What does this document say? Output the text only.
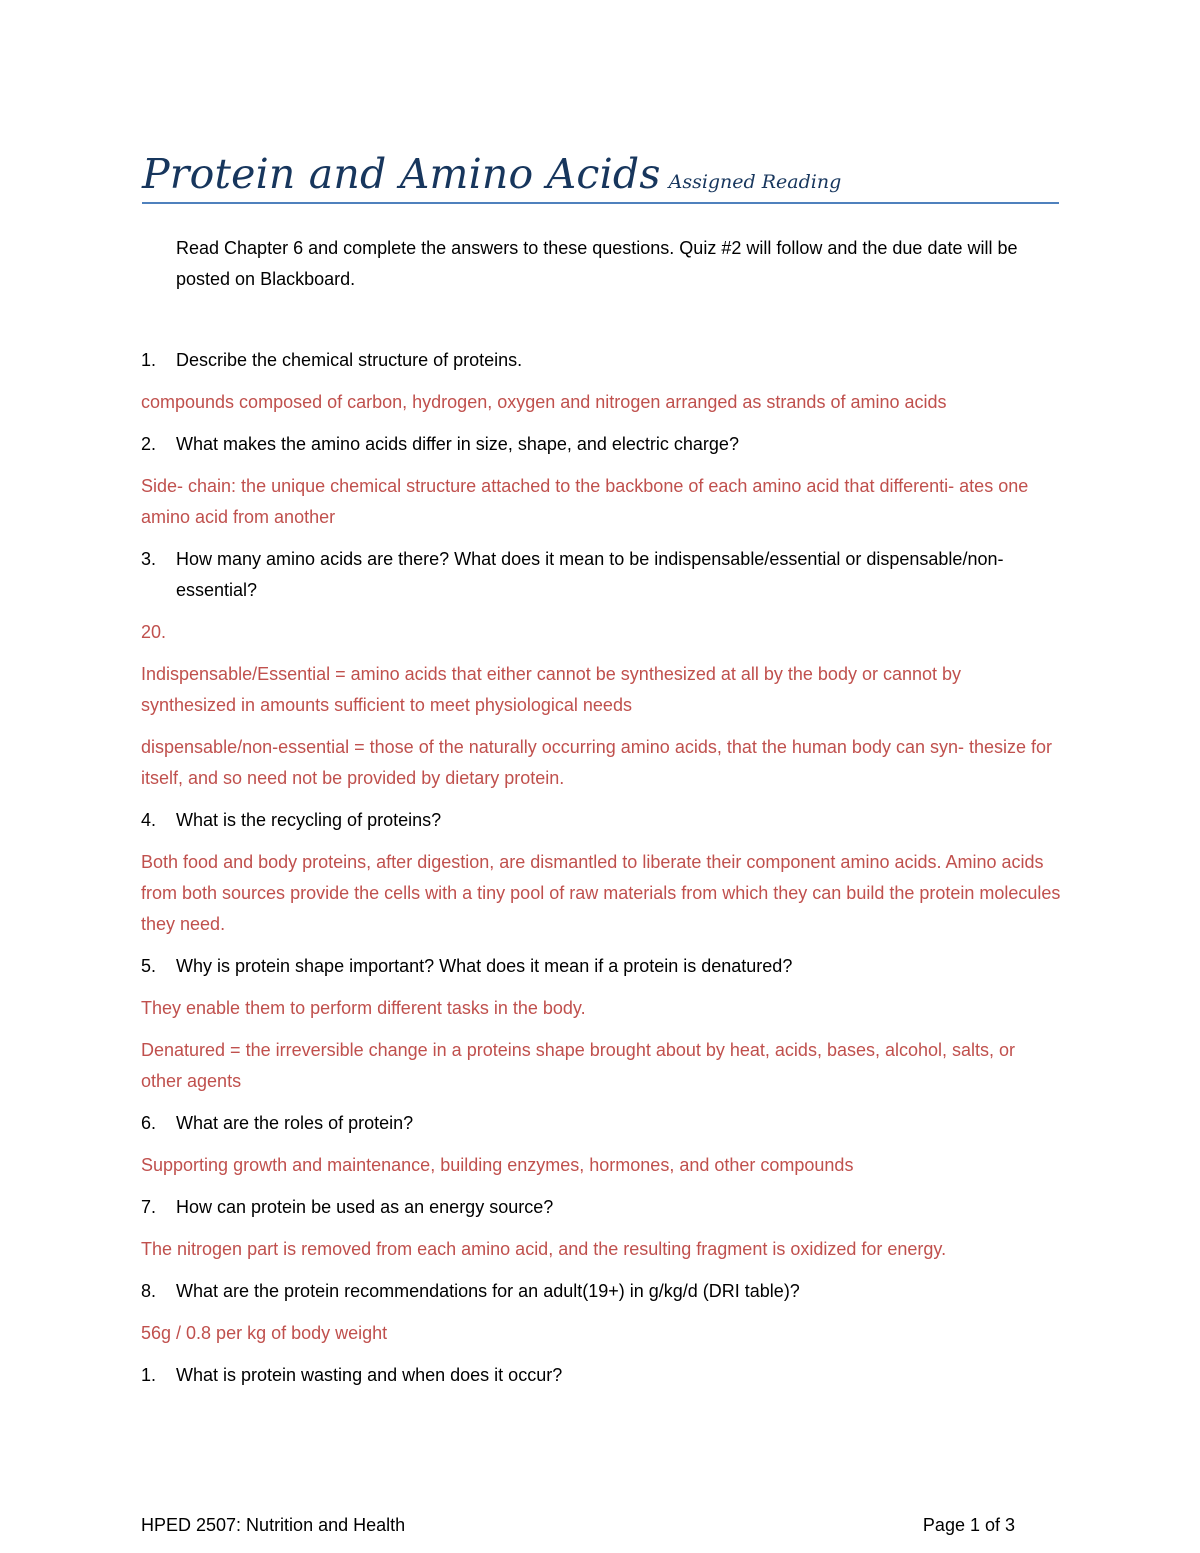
Protein and Amino Acids Assigned Reading
Read Chapter 6 and complete the answers to these questions. Quiz #2 will follow and the due date will be posted on Blackboard.
1.	Describe the chemical structure of proteins.
compounds composed of carbon, hydrogen, oxygen and nitrogen arranged as strands of amino acids
2.	What makes the amino acids differ in size, shape, and electric charge?
Side- chain: the unique chemical structure attached to the backbone of each amino acid that differenti- ates one amino acid from another
3.	How many amino acids are there? What does it mean to be indispensable/essential or dispensable/non-essential?
20.
Indispensable/Essential = amino acids that either cannot be synthesized at all by the body or cannot by synthesized in amounts sufficient to meet physiological needs
dispensable/non-essential = those of the naturally occurring amino acids, that the human body can syn- thesize for itself, and so need not be provided by dietary protein.
4.	What is the recycling of proteins?
Both food and body proteins, after digestion, are dismantled to liberate their component amino acids. Amino acids from both sources provide the cells with a tiny pool of raw materials from which they can build the protein molecules they need.
5.	Why is protein shape important? What does it mean if a protein is denatured?
They enable them to perform different tasks in the body.
Denatured = the irreversible change in a proteins shape brought about by heat, acids, bases, alcohol, salts, or other agents
6.	What are the roles of protein?
Supporting growth and maintenance, building enzymes, hormones, and other compounds
7.	How can protein be used as an energy source?
The nitrogen part is removed from each amino acid, and the resulting fragment is oxidized for energy.
8.	What are the protein recommendations for an adult(19+) in g/kg/d (DRI table)?
56g / 0.8 per kg of body weight
1.	What is protein wasting and when does it occur?
HPED 2507: Nutrition and Health	Page 1 of 3
